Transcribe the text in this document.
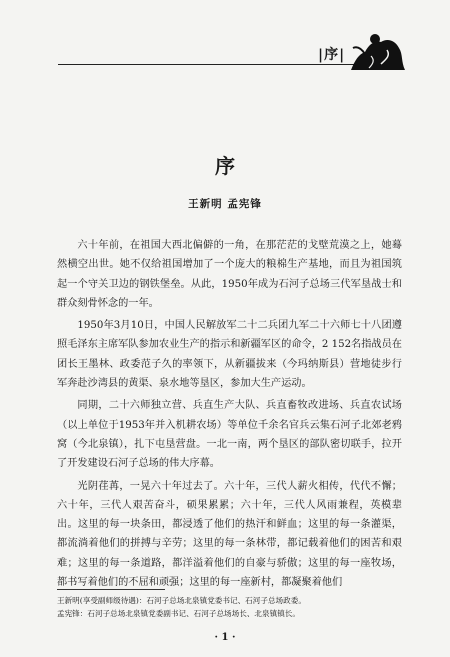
|序|
序
王新明 孟宪锋

六十年前，在祖国大西北偏僻的一角，在那茫茫的戈壁荒漠之上，她蓦然横空出世。她不仅给祖国增加了一个庞大的粮棉生产基地，而且为祖国筑起一个守关卫边的钢铁堡垒。从此，1950年成为石河子总场三代军垦战士和群众刻骨怀念的一年。

1950年3月10日，中国人民解放军二十二兵团九军二十六师七十八团遵照毛泽东主席军队参加农业生产的指示和新疆军区的命令，2 152名指战员在团长王墨林、政委范子久的率领下，从新疆拔来（今玛纳斯县）营地徒步行军奔赴沙湾县的黄渠、泉水地等垦区，参加大生产运动。

同期，二十六师独立营、兵直生产大队、兵直畜牧改进场、兵直农试场（以上单位于1953年并入机耕农场）等单位千余名官兵云集石河子北郊老鸦窝（今北泉镇），扎下屯垦营盘。一北一南，两个垦区的部队密切联手，拉开了开发建设石河子总场的伟大序幕。

光阴荏苒，一晃六十年过去了。六十年，三代人薪火相传，代代不懈；六十年，三代人艰苦奋斗，硕果累累；六十年，三代人风雨兼程，英模辈出。这里的每一块条田，都浸透了他们的热汗和鲜血；这里的每一条灌渠，都流淌着他们的拼搏与辛劳；这里的每一条林带，都记载着他们的困苦和艰难；这里的每一条道路，都洋溢着他们的自豪与骄傲；这里的每一座牧场，都书写着他们的不屈和顽强；这里的每一座新村，都凝聚着他们

王新明(享受副师级待遇)：石河子总场北泉镇党委书记、石河子总场政委。
孟宪锋：石河子总场北泉镇党委副书记、石河子总场场长、北泉镇镇长。
· 1 ·
